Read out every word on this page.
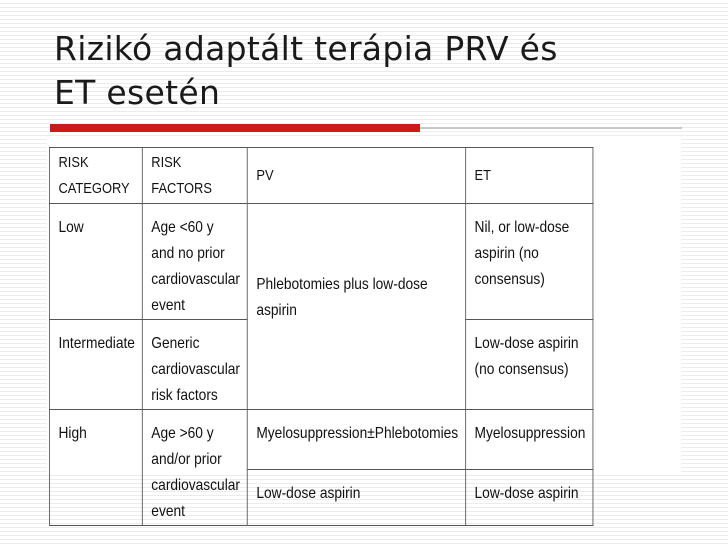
Rizikó adaptált terápia PRV és
ET esetén
RISK CATEGORY	RISK FACTORS	PV	ET
Low	Age <60 y and no prior cardiovascular event	Phlebotomies plus low-dose aspirin	Nil, or low-dose aspirin (no consensus)
Intermediate	Generic cardiovascular risk factors		Low-dose aspirin (no consensus)
High	Age >60 y and/or prior cardiovascular event	Myelosuppression±Phlebotomies	Myelosuppression
		Low-dose aspirin	Low-dose aspirin
